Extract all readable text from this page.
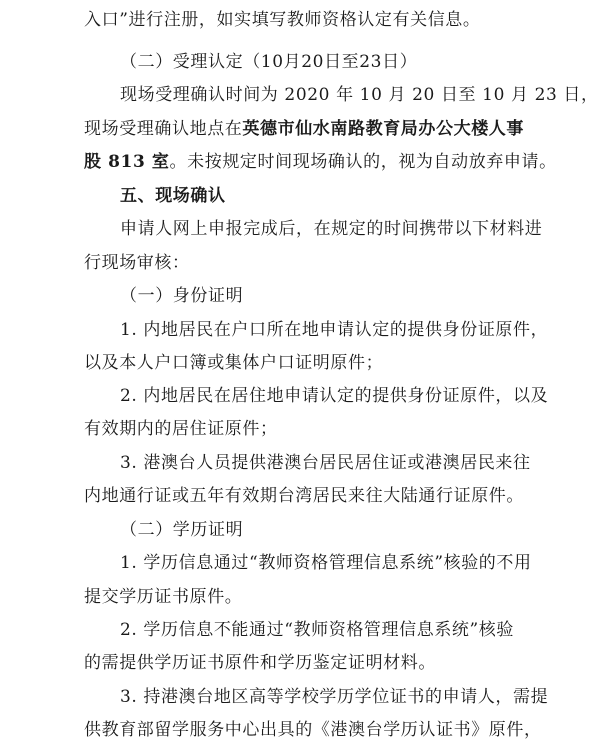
入口”进行注册，如实填写教师资格认定有关信息。
（二）受理认定（10月20日至23日）
现场受理确认时间为 2020 年 10 月 20 日至 10 月 23 日，
现场受理确认地点在英德市仙水南路教育局办公大楼人事
股 813 室。未按规定时间现场确认的，视为自动放弃申请。
五、现场确认
申请人网上申报完成后，在规定的时间携带以下材料进
行现场审核：
（一）身份证明
1. 内地居民在户口所在地申请认定的提供身份证原件，
以及本人户口簿或集体户口证明原件；
2. 内地居民在居住地申请认定的提供身份证原件，以及
有效期内的居住证原件；
3. 港澳台人员提供港澳台居民居住证或港澳居民来往
内地通行证或五年有效期台湾居民来往大陆通行证原件。
（二）学历证明
1. 学历信息通过“教师资格管理信息系统”核验的不用
提交学历证书原件。
2. 学历信息不能通过“教师资格管理信息系统”核验
的需提供学历证书原件和学历鉴定证明材料。
3. 持港澳台地区高等学校学历学位证书的申请人，需提
供教育部留学服务中心出具的《港澳台学历认证书》原件，
